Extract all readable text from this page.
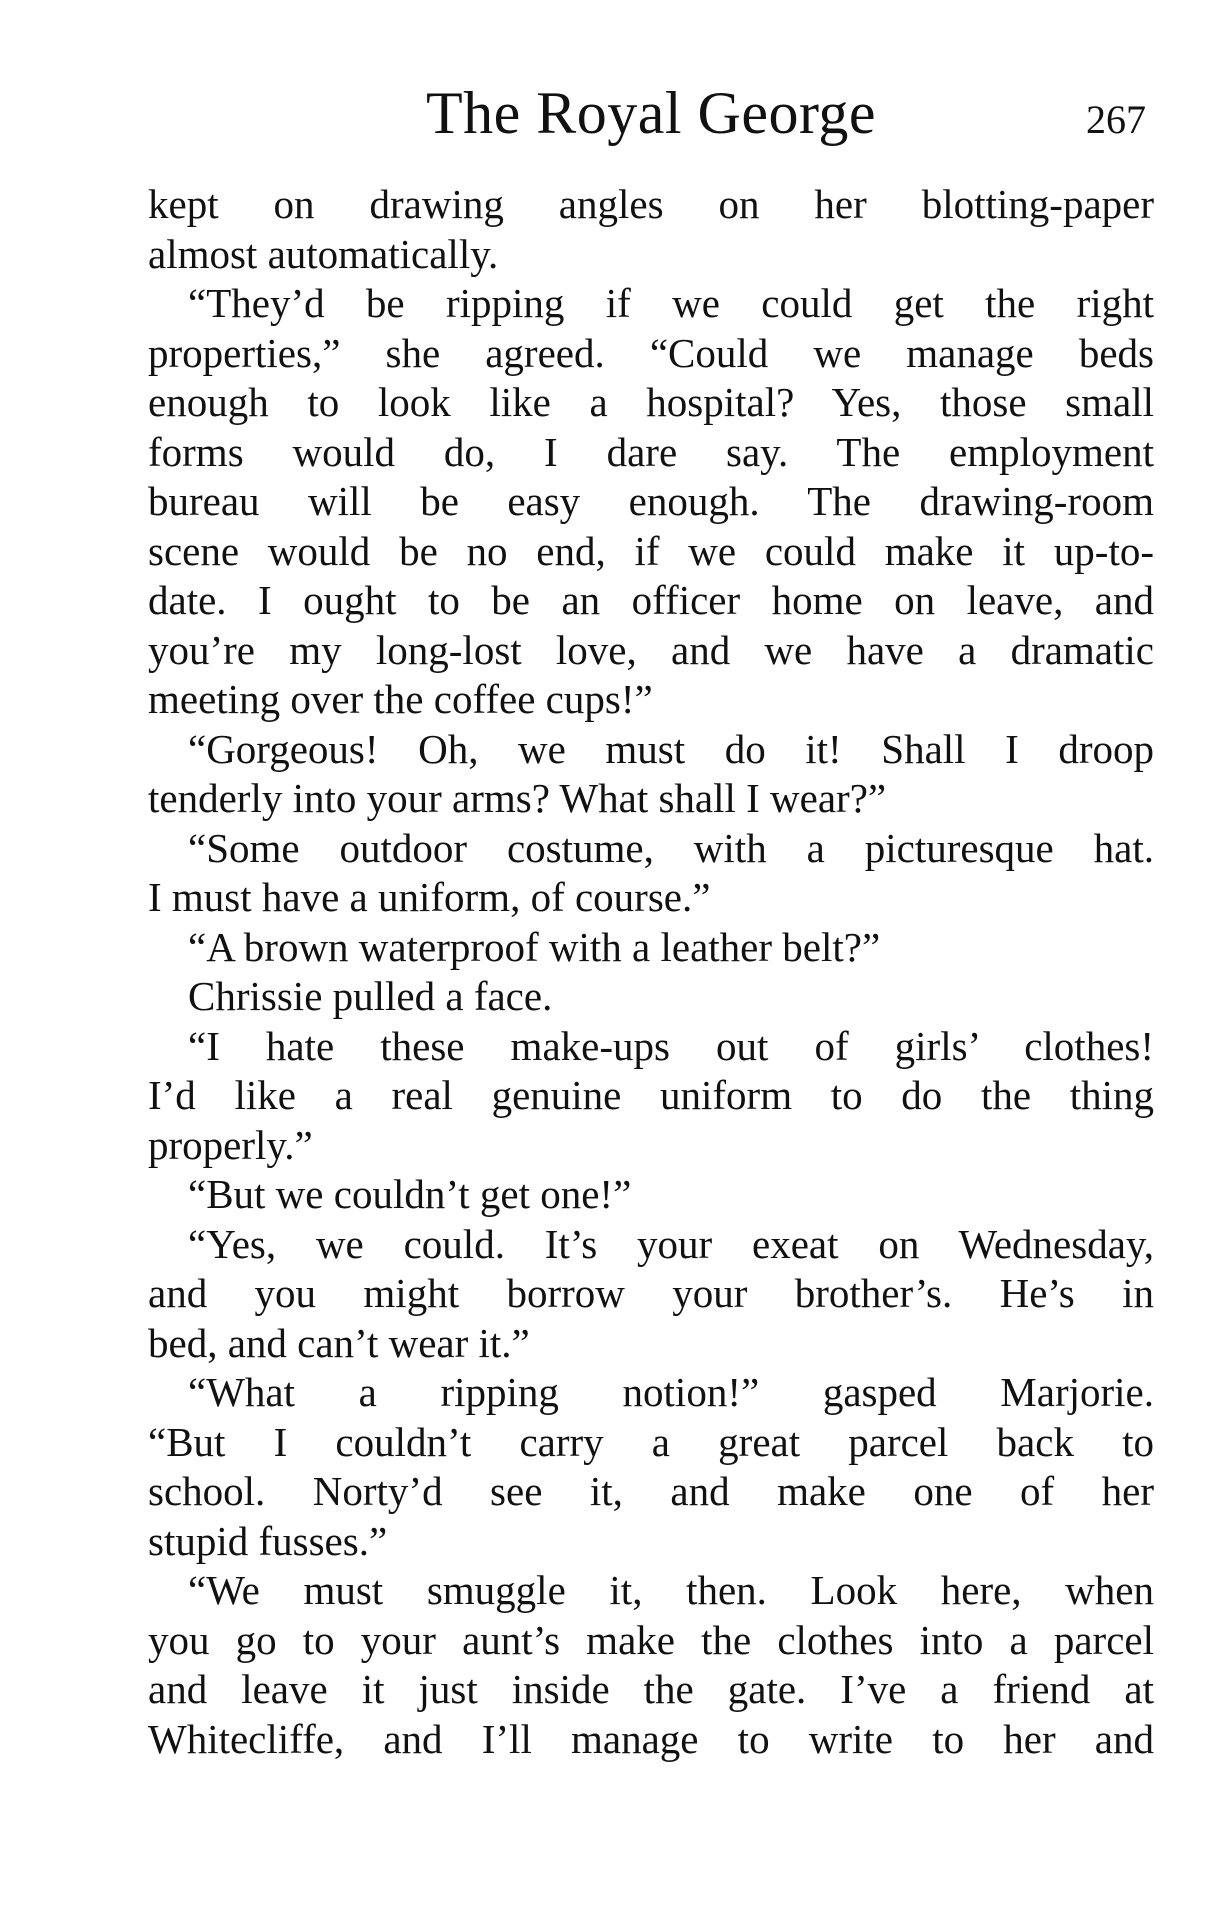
The Royal George	267
kept on drawing angles on her blotting-paper
almost automatically.
“They’d be ripping if we could get the right
properties,” she agreed. “Could we manage beds
enough to look like a hospital? Yes, those small
forms would do, I dare say. The employment
bureau will be easy enough. The drawing-room
scene would be no end, if we could make it up-to-
date. I ought to be an officer home on leave, and
you’re my long-lost love, and we have a dramatic
meeting over the coffee cups!”
“Gorgeous! Oh, we must do it! Shall I droop
tenderly into your arms? What shall I wear?”
“Some outdoor costume, with a picturesque hat.
I must have a uniform, of course.”
“A brown waterproof with a leather belt?”
Chrissie pulled a face.
“I hate these make-ups out of girls’ clothes!
I’d like a real genuine uniform to do the thing
properly.”
“But we couldn’t get one!”
“Yes, we could. It’s your exeat on Wednesday,
and you might borrow your brother’s. He’s in
bed, and can’t wear it.”
“What a ripping notion!” gasped Marjorie.
“But I couldn’t carry a great parcel back to
school. Norty’d see it, and make one of her
stupid fusses.”
“We must smuggle it, then. Look here, when
you go to your aunt’s make the clothes into a parcel
and leave it just inside the gate. I’ve a friend at
Whitecliffe, and I’ll manage to write to her and
